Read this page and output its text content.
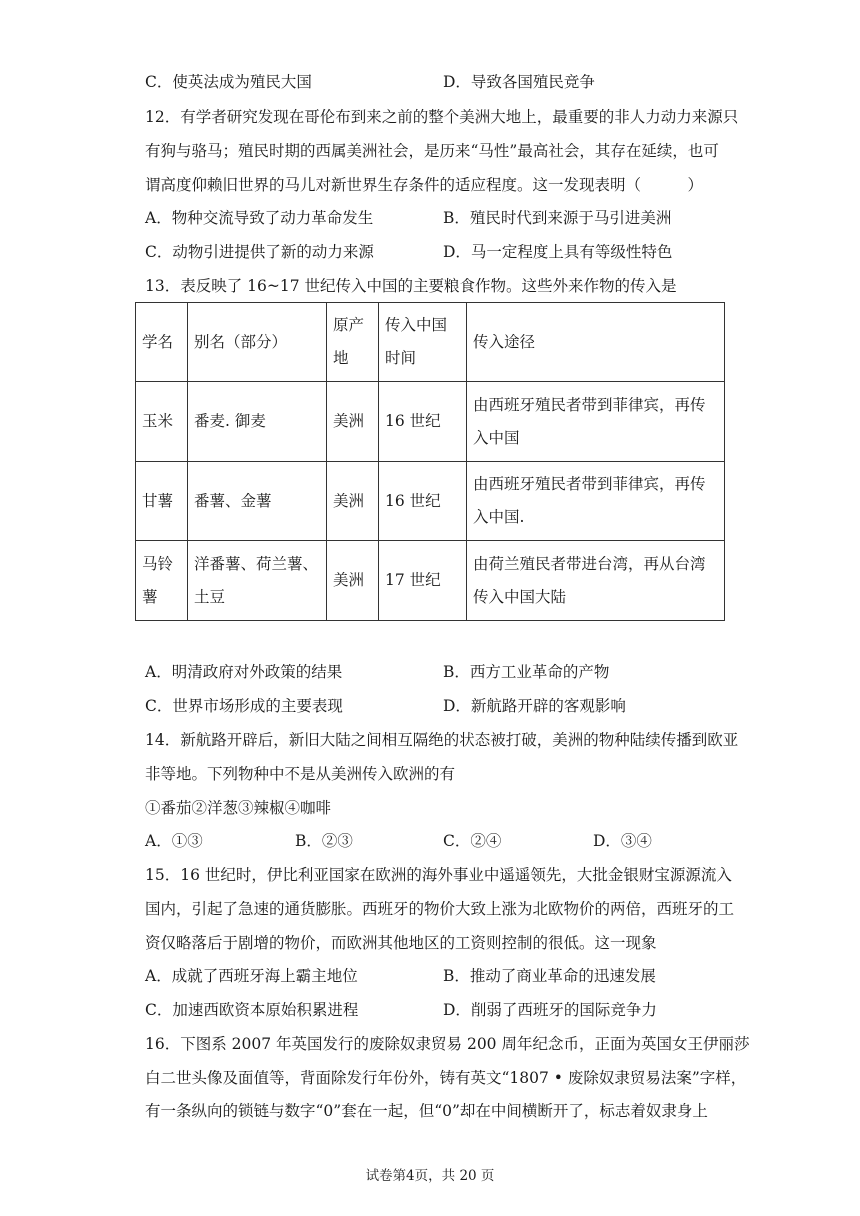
C．使英法成为殖民大国	D．导致各国殖民竞争
12．有学者研究发现在哥伦布到来之前的整个美洲大地上，最重要的非人力动力来源只
有狗与骆马；殖民时期的西属美洲社会，是历来“马性”最高社会，其存在延续，也可
谓高度仰赖旧世界的马儿对新世界生存条件的适应程度。这一发现表明（　　　）
A．物种交流导致了动力革命发生	B．殖民时代到来源于马引进美洲
C．动物引进提供了新的动力来源	D．马一定程度上具有等级性特色
13．表反映了 16~17 世纪传入中国的主要粮食作物。这些外来作物的传入是
学名	别名（部分）	原产地	传入中国时间	传入途径
玉米	番麦. 御麦	美洲	16 世纪	由西班牙殖民者带到菲律宾，再传入中国
甘薯	番薯、金薯	美洲	16 世纪	由西班牙殖民者带到菲律宾，再传入中国.
马铃薯	洋番薯、荷兰薯、土豆	美洲	17 世纪	由荷兰殖民者带进台湾，再从台湾传入中国大陆
A．明清政府对外政策的结果	B．西方工业革命的产物
C．世界市场形成的主要表现	D．新航路开辟的客观影响
14．新航路开辟后，新旧大陆之间相互隔绝的状态被打破，美洲的物种陆续传播到欧亚
非等地。下列物种中不是从美洲传入欧洲的有
①番茄②洋葱③辣椒④咖啡
A．①③	B．②③	C．②④	D．③④
15．16 世纪时，伊比利亚国家在欧洲的海外事业中遥遥领先，大批金银财宝源源流入
国内，引起了急速的通货膨胀。西班牙的物价大致上涨为北欧物价的两倍，西班牙的工
资仅略落后于剧增的物价，而欧洲其他地区的工资则控制的很低。这一现象
A．成就了西班牙海上霸主地位	B．推动了商业革命的迅速发展
C．加速西欧资本原始积累进程	D．削弱了西班牙的国际竞争力
16．下图系 2007 年英国发行的废除奴隶贸易 200 周年纪念币，正面为英国女王伊丽莎
白二世头像及面值等，背面除发行年份外，铸有英文“1807 • 废除奴隶贸易法案”字样，
有一条纵向的锁链与数字“0”套在一起，但“0”却在中间横断开了，标志着奴隶身上
试卷第4页，共 20 页
